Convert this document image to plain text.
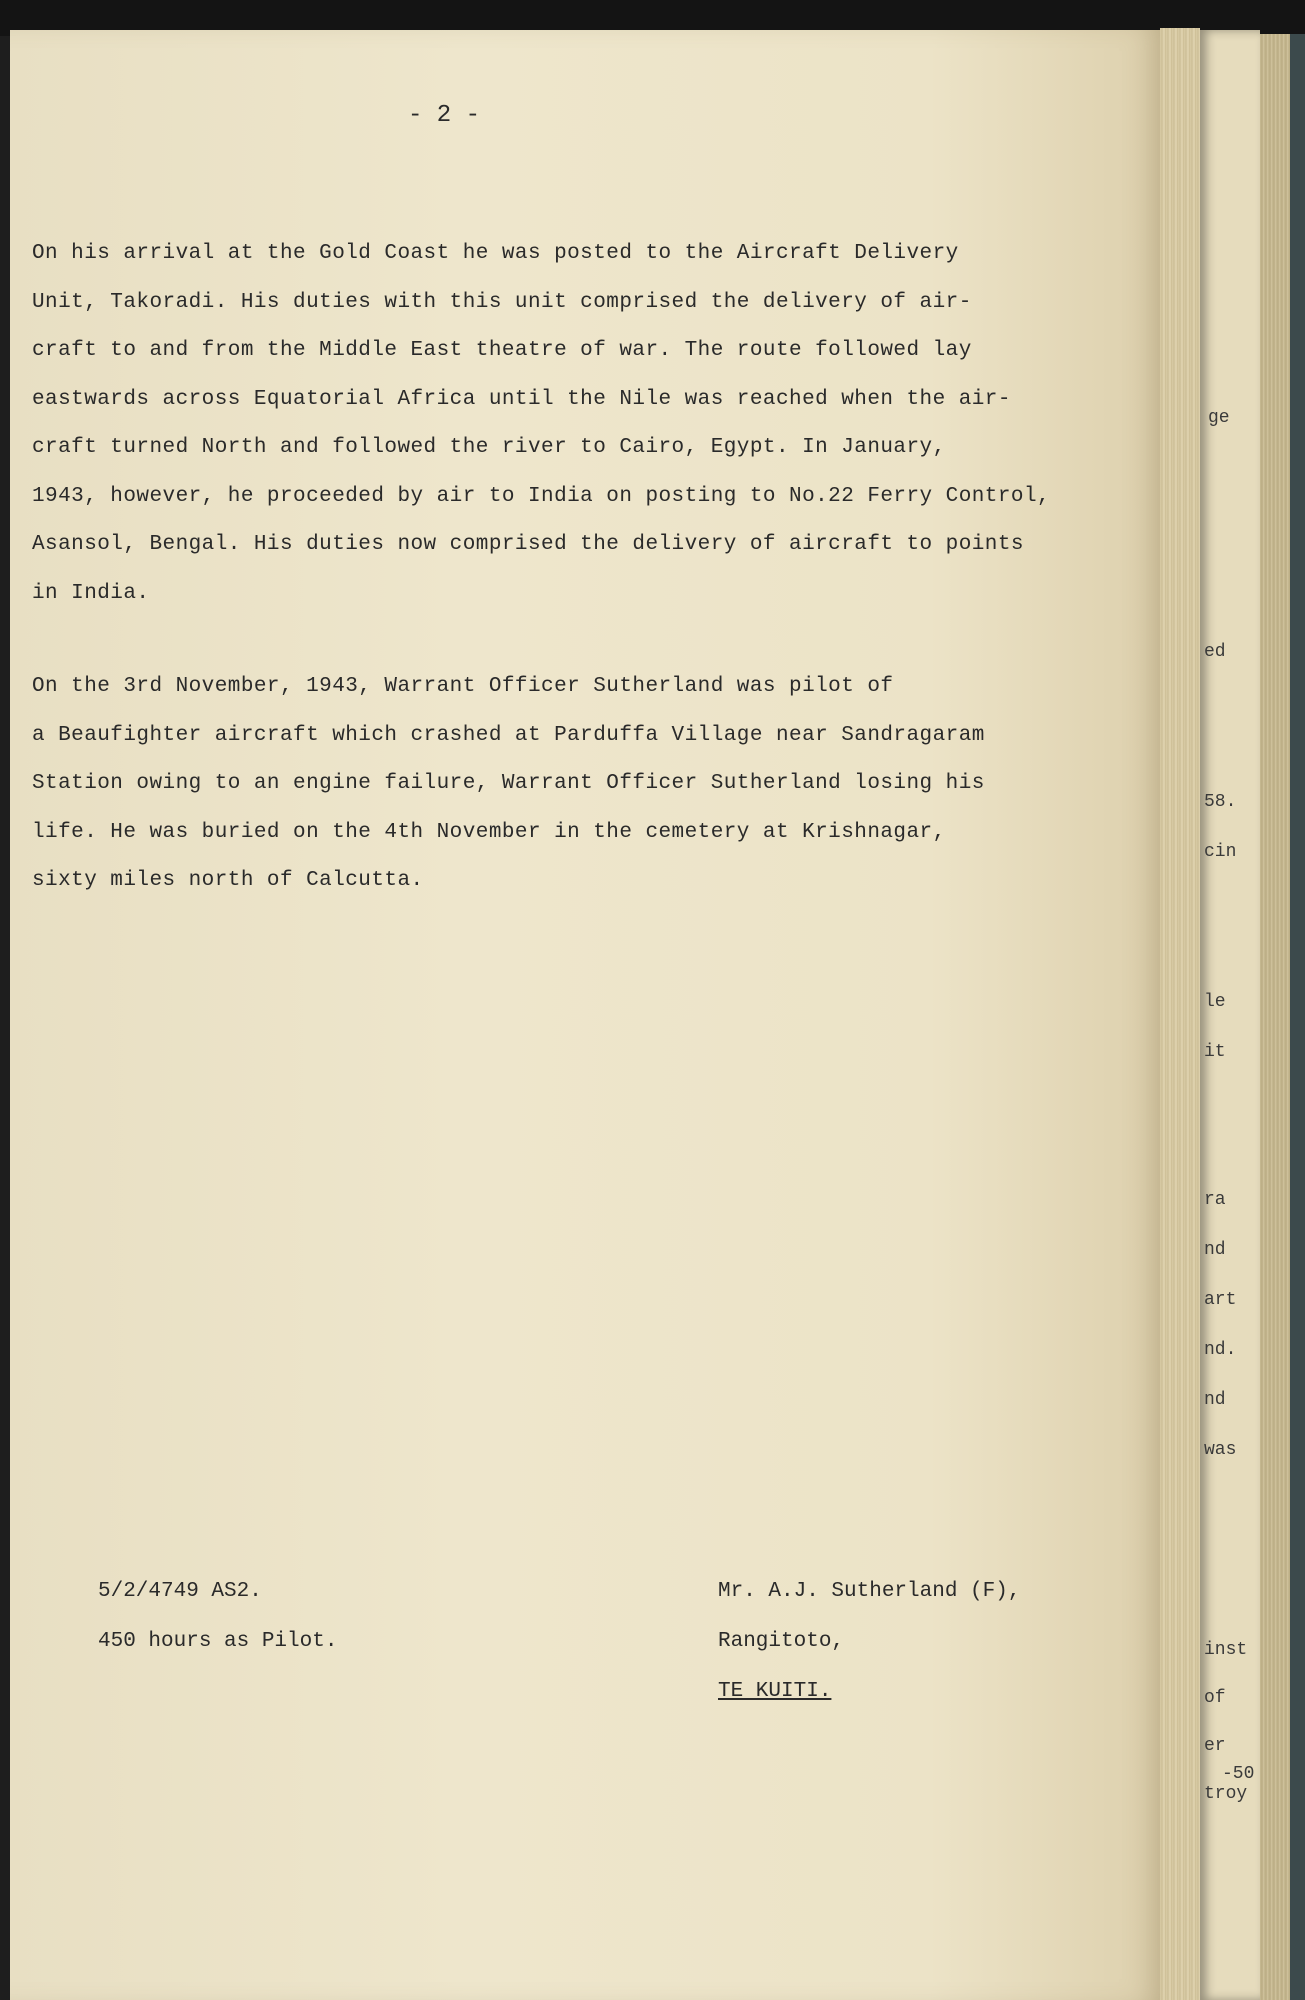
- 2 -
On his arrival at the Gold Coast he was posted to the Aircraft Delivery
Unit, Takoradi. His duties with this unit comprised the delivery of air-
craft to and from the Middle East theatre of war. The route followed lay
eastwards across Equatorial Africa until the Nile was reached when the air-
craft turned North and followed the river to Cairo, Egypt. In January,
1943, however, he proceeded by air to India on posting to No.22 Ferry Control,
Asansol, Bengal. His duties now comprised the delivery of aircraft to points
in India.
On the 3rd November, 1943, Warrant Officer Sutherland was pilot of
a Beaufighter aircraft which crashed at Parduffa Village near Sandragaram
Station owing to an engine failure, Warrant Officer Sutherland losing his
life. He was buried on the 4th November in the cemetery at Krishnagar,
sixty miles north of Calcutta.
5/2/4749 AS2.
450 hours as Pilot.
Mr. A.J. Sutherland (F),
Rangitoto,
TE KUITI.
ge
ed
58.
cin
le
it
ra
nd
art
nd.
nd
was
inst
of
er
-50
troy
